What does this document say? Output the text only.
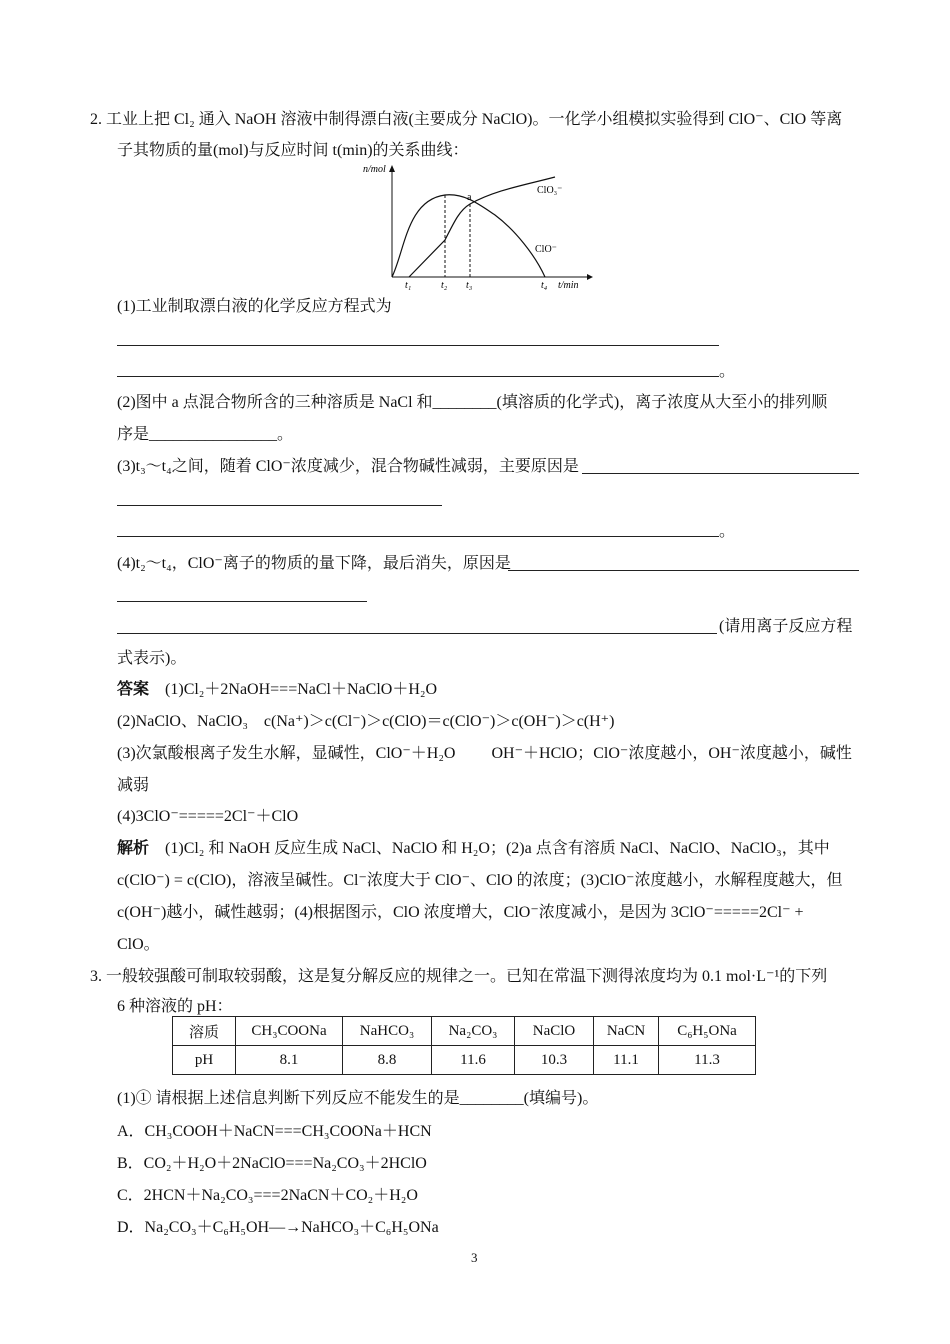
2. 工业上把 Cl₂ 通入 NaOH 溶液中制得漂白液(主要成分 NaClO)。一化学小组模拟实验得到 ClO⁻、ClO 等离
子其物质的量(mol)与反应时间 t(min)的关系曲线：
n/mol
t/min
t₁	t₂ t₃	t₄
a
ClO₃⁻
ClO⁻
(1)工业制取漂白液的化学反应方程式为
。
(2)图中 a 点混合物所含的三种溶质是 NaCl 和________(填溶质的化学式)，离子浓度从大至小的排列顺
序是________________。
(3)t₃～t₄之间，随着 ClO⁻浓度减少，混合物碱性减弱，主要原因是
。
(4)t₂～t₄，ClO⁻离子的物质的量下降，最后消失，原因是
(请用离子反应方程
式表示)。
答案　 (1)Cl₂＋2NaOH===NaCl＋NaClO＋H₂O
(2)NaClO、NaClO₃　c(Na⁺)＞c(Cl⁻)＞c(ClO)＝c(ClO⁻)＞c(OH⁻)＞c(H⁺)
(3)次氯酸根离子发生水解，显碱性，ClO⁻＋H₂O　　 OH⁻＋HClO；ClO⁻浓度越小，OH⁻浓度越小，碱性
减弱
(4)3ClO⁻=====2Cl⁻＋ClO
解析　 (1)Cl₂ 和 NaOH 反应生成 NaCl、NaClO 和 H₂O；(2)a 点含有溶质 NaCl、NaClO、NaClO₃，其中
c(ClO⁻) = c(ClO)，溶液呈碱性。Cl⁻浓度大于 ClO⁻、ClO 的浓度；(3)ClO⁻浓度越小，水解程度越大，但
c(OH⁻)越小，碱性越弱；(4)根据图示，ClO 浓度增大，ClO⁻浓度减小，是因为 3ClO⁻=====2Cl⁻ +
ClO。
3. 一般较强酸可制取较弱酸，这是复分解反应的规律之一。已知在常温下测得浓度均为 0.1 mol·L⁻¹的下列
6 种溶液的 pH：
溶质	CH₃COONa	NaHCO₃	Na₂CO₃	NaClO	NaCN	C₆H₅ONa
pH	8.1	8.8	11.6	10.3	11.1	11.3
(1)① 请根据上述信息判断下列反应不能发生的是________(填编号)。
A．CH₃COOH＋NaCN===CH₃COONa＋HCN
B．CO₂＋H₂O＋2NaClO===Na₂CO₃＋2HClO
C．2HCN＋Na₂CO₃===2NaCN＋CO₂＋H₂O
D．Na₂CO₃＋C₆H₅OH—→NaHCO₃＋C₆H₅ONa
3
